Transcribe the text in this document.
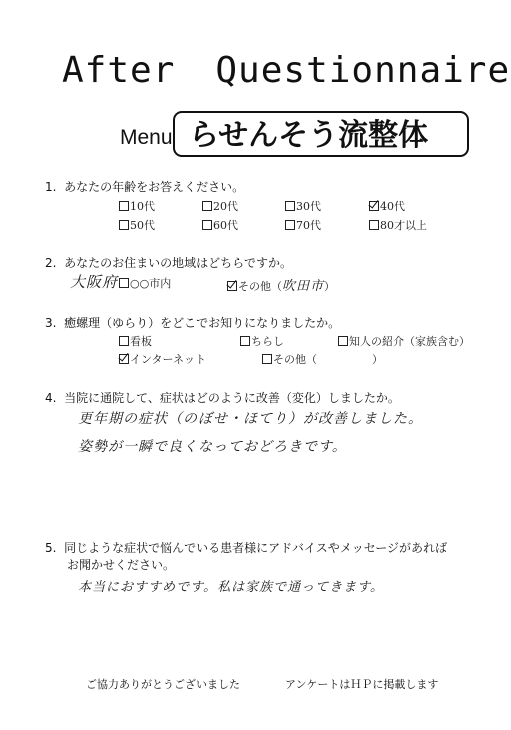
After Questionnaire
Menu らせんそう流整体
1. あなたの年齢をお答えください。
10代	20代	30代	40代
50代	60代	70代	80才以上
2. あなたのお住まいの地域はどちらですか。
大阪府	○○市内	その他（吹田市）
3. 癒螺理（ゆらり）をどこでお知りになりましたか。
看板	ちらし	知人の紹介（家族含む）
インターネット	その他（	）
4. 当院に通院して、症状はどのように改善（変化）しましたか。
更年期の症状（のぼせ・ほてり）が改善しました。
姿勢が一瞬で良くなっておどろきです。
5. 同じような症状で悩んでいる患者様にアドバイスやメッセージがあれば
お聞かせください。
本当におすすめです。私は家族で通ってきます。
ご協力ありがとうございました	アンケートはＨＰに掲載します
